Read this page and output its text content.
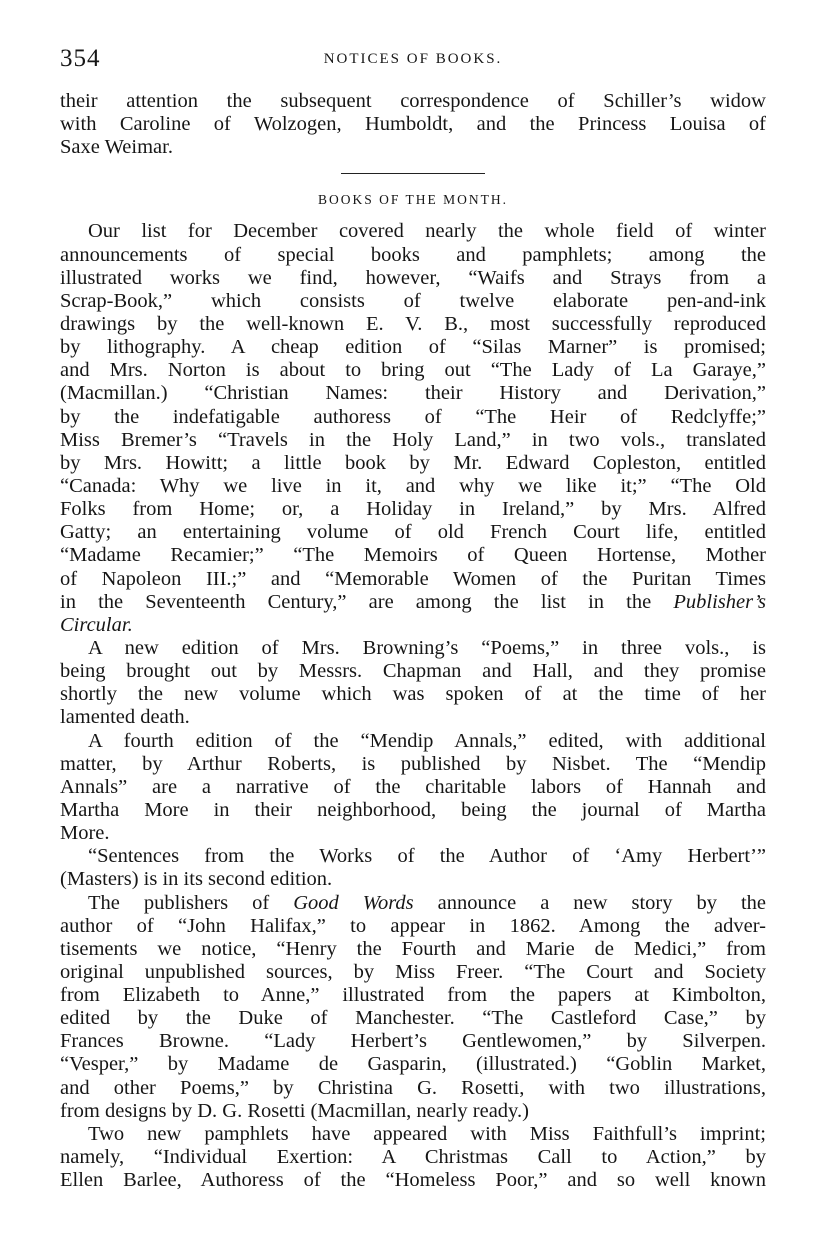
354	NOTICES OF BOOKS.
their attention the subsequent correspondence of Schiller’s widow
with Caroline of Wolzogen, Humboldt, and the Princess Louisa of
Saxe Weimar.
BOOKS OF THE MONTH.
Our list for December covered nearly the whole field of winter
announcements of special books and pamphlets; among the
illustrated works we find, however, “Waifs and Strays from a
Scrap-Book,” which consists of twelve elaborate pen-and-ink
drawings by the well-known E. V. B., most successfully reproduced
by lithography. A cheap edition of “Silas Marner” is promised;
and Mrs. Norton is about to bring out “The Lady of La Garaye,”
(Macmillan.) “Christian Names: their History and Derivation,”
by the indefatigable authoress of “The Heir of Redclyffe;”
Miss Bremer’s “Travels in the Holy Land,” in two vols., translated
by Mrs. Howitt; a little book by Mr. Edward Copleston, entitled
“Canada: Why we live in it, and why we like it;” “The Old
Folks from Home; or, a Holiday in Ireland,” by Mrs. Alfred
Gatty; an entertaining volume of old French Court life, entitled
“Madame Recamier;” “The Memoirs of Queen Hortense, Mother
of Napoleon III.;” and “Memorable Women of the Puritan Times
in the Seventeenth Century,” are among the list in the Publisher’s
Circular.
A new edition of Mrs. Browning’s “Poems,” in three vols., is
being brought out by Messrs. Chapman and Hall, and they promise
shortly the new volume which was spoken of at the time of her
lamented death.
A fourth edition of the “Mendip Annals,” edited, with additional
matter, by Arthur Roberts, is published by Nisbet. The “Mendip
Annals” are a narrative of the charitable labors of Hannah and
Martha More in their neighborhood, being the journal of Martha
More.
“Sentences from the Works of the Author of ‘Amy Herbert’”
(Masters) is in its second edition.
The publishers of Good Words announce a new story by the
author of “John Halifax,” to appear in 1862. Among the adver-
tisements we notice, “Henry the Fourth and Marie de Medici,” from
original unpublished sources, by Miss Freer. “The Court and Society
from Elizabeth to Anne,” illustrated from the papers at Kimbolton,
edited by the Duke of Manchester. “The Castleford Case,” by
Frances Browne. “Lady Herbert’s Gentlewomen,” by Silverpen.
“Vesper,” by Madame de Gasparin, (illustrated.) “Goblin Market,
and other Poems,” by Christina G. Rosetti, with two illustrations,
from designs by D. G. Rosetti (Macmillan, nearly ready.)
Two new pamphlets have appeared with Miss Faithfull’s imprint;
namely, “Individual Exertion: A Christmas Call to Action,” by
Ellen Barlee, Authoress of the “Homeless Poor,” and so well known
